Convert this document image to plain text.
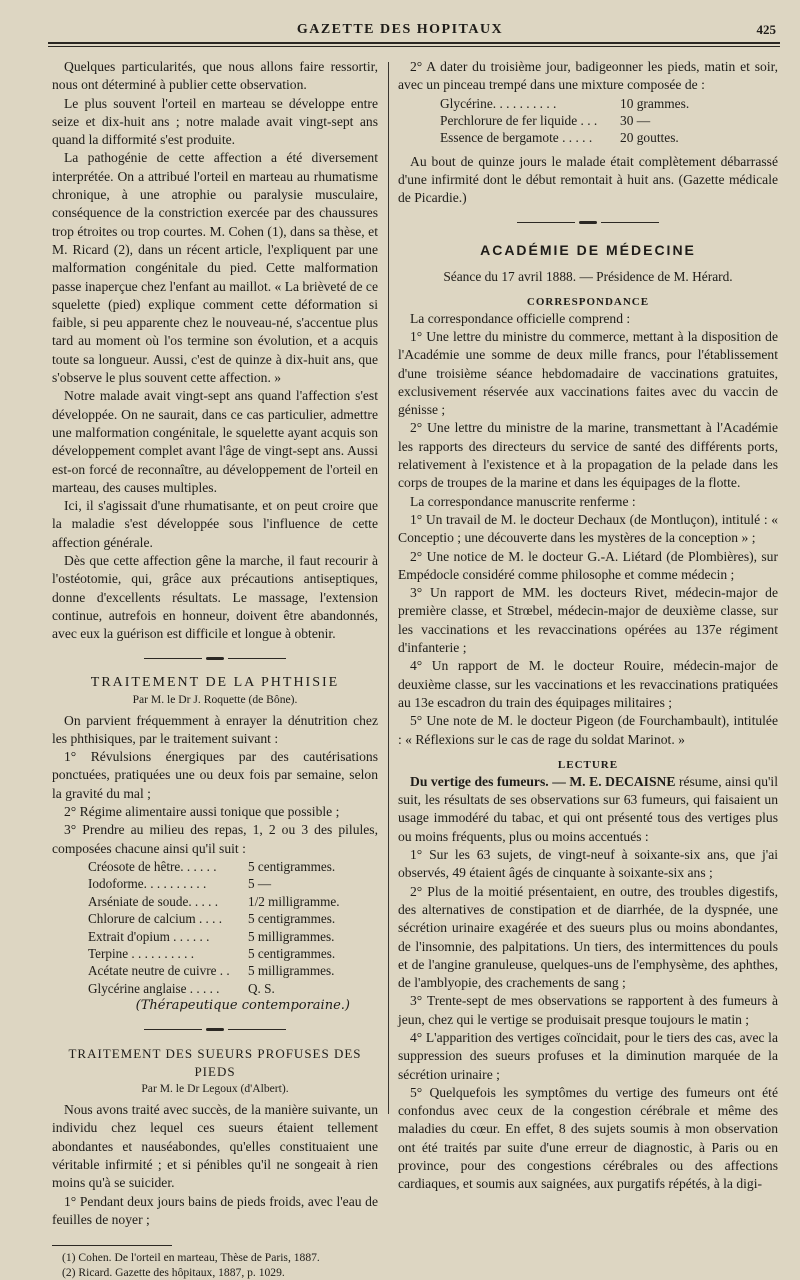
GAZETTE DES HOPITAUX	425

Quelques particularités, que nous allons faire ressortir, nous ont déterminé à publier cette observation.

Le plus souvent l'orteil en marteau se développe entre seize et dix-huit ans ; notre malade avait vingt-sept ans quand la difformité s'est produite.

La pathogénie de cette affection a été diversement interprétée. On a attribué l'orteil en marteau au rhumatisme chronique, à une atrophie ou paralysie musculaire, conséquence de la constriction exercée par des chaussures trop étroites ou trop courtes. M. Cohen (1), dans sa thèse, et M. Ricard (2), dans un récent article, l'expliquent par une malformation congénitale du pied. Cette malformation passe inaperçue chez l'enfant au maillot. « La brièveté de ce squelette (pied) explique comment cette déformation si faible, si peu apparente chez le nouveau-né, s'accentue plus tard au moment où l'os termine son évolution, et a acquis toute sa longueur. Aussi, c'est de quinze à dix-huit ans, que s'observe le plus souvent cette affection. »

Notre malade avait vingt-sept ans quand l'affection s'est développée. On ne saurait, dans ce cas particulier, admettre une malformation congénitale, le squelette ayant acquis son développement complet avant l'âge de vingt-sept ans. Aussi est-on forcé de reconnaître, au développement de l'orteil en marteau, des causes multiples.

Ici, il s'agissait d'une rhumatisante, et on peut croire que la maladie s'est développée sous l'influence de cette affection générale.

Dès que cette affection gêne la marche, il faut recourir à l'ostéotomie, qui, grâce aux précautions antiseptiques, donne d'excellents résultats. Le massage, l'extension continue, autrefois en honneur, doivent être abandonnés, avec eux la guérison est difficile et longue à obtenir.

TRAITEMENT DE LA PHTHISIE
Par M. le Dr J. Roquette (de Bône).

On parvient fréquemment à enrayer la dénutrition chez les phthisiques, par le traitement suivant :

1° Révulsions énergiques par des cautérisations ponctuées, pratiquées une ou deux fois par semaine, selon la gravité du mal ;

2° Régime alimentaire aussi tonique que possible ;

3° Prendre au milieu des repas, 1, 2 ou 3 des pilules, composées chacune ainsi qu'il suit :

Créosote de hêtre. . . . . .	5 centigrammes.
Iodoforme. . . . . . . . . .	5 —
Arséniate de soude. . . . .	1/2 milligramme.
Chlorure de calcium . . . .	5 centigrammes.
Extrait d'opium . . . . . .	5 milligrammes.
Terpine . . . . . . . . . .	5 centigrammes.
Acétate neutre de cuivre . .	5 milligrammes.
Glycérine anglaise . . . . .	Q. S.
(Thérapeutique contemporaine.)
TRAITEMENT DES SUEURS PROFUSES DES PIEDS
Par M. le Dr Legoux (d'Albert).

Nous avons traité avec succès, de la manière suivante, un individu chez lequel ces sueurs étaient tellement abondantes et nauséabondes, qu'elles constituaient une véritable infirmité ; et si pénibles qu'il ne songeait à rien moins qu'à se suicider.

1° Pendant deux jours bains de pieds froids, avec l'eau de feuilles de noyer ;

(1) Cohen. De l'orteil en marteau, Thèse de Paris, 1887.
(2) Ricard. Gazette des hôpitaux, 1887, p. 1029.

2° A dater du troisième jour, badigeonner les pieds, matin et soir, avec un pinceau trempé dans une mixture composée de :

Glycérine. . . . . . . . . .	10 grammes.
Perchlorure de fer liquide . . .	30 —
Essence de bergamote . . . . .	20 gouttes.

Au bout de quinze jours le malade était complètement débarrassé d'une infirmité dont le début remontait à huit ans. (Gazette médicale de Picardie.)

ACADÉMIE DE MÉDECINE
Séance du 17 avril 1888. — Présidence de M. Hérard.
CORRESPONDANCE

La correspondance officielle comprend :

1° Une lettre du ministre du commerce, mettant à la disposition de l'Académie une somme de deux mille francs, pour l'établissement d'une troisième séance hebdomadaire de vaccinations gratuites, exclusivement réservée aux vaccinations faites avec du vaccin de génisse ;

2° Une lettre du ministre de la marine, transmettant à l'Académie les rapports des directeurs du service de santé des différents ports, relativement à l'existence et à la propagation de la pelade dans les corps de troupes de la marine et dans les équipages de la flotte.

La correspondance manuscrite renferme :

1° Un travail de M. le docteur Dechaux (de Montluçon), intitulé : « Conceptio ; une découverte dans les mystères de la conception » ;

2° Une notice de M. le docteur G.-A. Liétard (de Plombières), sur Empédocle considéré comme philosophe et comme médecin ;

3° Un rapport de MM. les docteurs Rivet, médecin-major de première classe, et Strœbel, médecin-major de deuxième classe, sur les vaccinations et les revaccinations opérées au 137e régiment d'infanterie ;

4° Un rapport de M. le docteur Rouire, médecin-major de deuxième classe, sur les vaccinations et les revaccinations pratiquées au 13e escadron du train des équipages militaires ;

5° Une note de M. le docteur Pigeon (de Fourchambault), intitulée : « Réflexions sur le cas de rage du soldat Marinot. »

LECTURE

Du vertige des fumeurs. — M. E. DECAISNE résume, ainsi qu'il suit, les résultats de ses observations sur 63 fumeurs, qui faisaient un usage immodéré du tabac, et qui ont présenté tous des vertiges plus ou moins fréquents, plus ou moins accentués :

1° Sur les 63 sujets, de vingt-neuf à soixante-six ans, que j'ai observés, 49 étaient âgés de cinquante à soixante-six ans ;

2° Plus de la moitié présentaient, en outre, des troubles digestifs, des alternatives de constipation et de diarrhée, de la dyspnée, une sécrétion urinaire exagérée et des sueurs plus ou moins abondantes, de l'insomnie, des palpitations. Un tiers, des intermittences du pouls et de l'angine granuleuse, quelques-uns de l'emphysème, des aphthes, de l'amblyopie, des crachements de sang ;

3° Trente-sept de mes observations se rapportent à des fumeurs à jeun, chez qui le vertige se produisait presque toujours le matin ;

4° L'apparition des vertiges coïncidait, pour le tiers des cas, avec la suppression des sueurs profuses et la diminution marquée de la sécrétion urinaire ;

5° Quelquefois les symptômes du vertige des fumeurs ont été confondus avec ceux de la congestion cérébrale et même des maladies du cœur. En effet, 8 des sujets soumis à mon observation ont été traités par suite d'une erreur de diagnostic, à Paris ou en province, pour des congestions cérébrales ou des affections cardiaques, et soumis aux saignées, aux purgatifs répétés, à la digi-
